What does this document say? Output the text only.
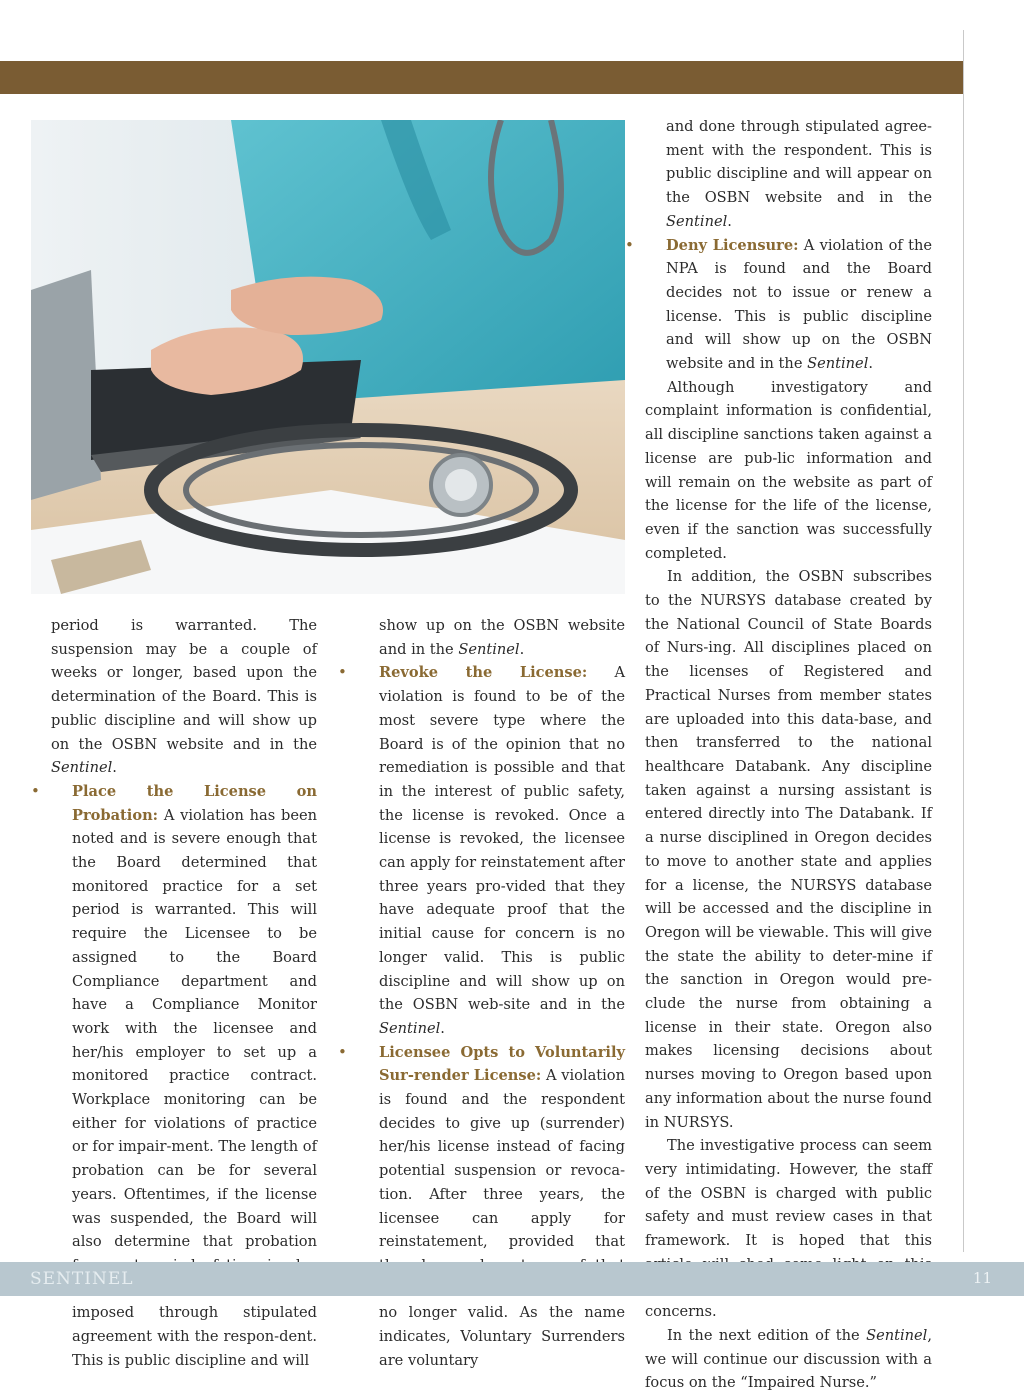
period is warranted. The suspension may be a couple of weeks or longer, based upon the determination of the Board. This is public discipline and will show up on the OSBN website and in the Sentinel.

• Place the License on Probation: A violation has been noted and is severe enough that the Board determined that monitored practice for a set period is warranted. This will require the Licensee to be assigned to the Board Compliance department and have a Compliance Monitor work with the licensee and her/his employer to set up a monitored practice contract. Workplace monitoring can be either for violations of practice or for impair-ment. The length of probation can be for several years. Oftentimes, if the license was suspended, the Board will also determine that probation imposed through stipulated agreement with the respon-dent. This is public discipline and will

show up on the OSBN website and in the Sentinel.

• Revoke the License: A violation is found to be of the most severe type where the Board is of the opinion that no remediation is possible and that in the interest of public safety, the license is revoked. Once a license is revoked, the licensee can apply for reinstatement after three years pro-vided that they have adequate proof that the initial cause for concern is no longer valid. This is public discipline and will show up on the OSBN web-site and in the Sentinel.
• Licensee Opts to Voluntarily Sur-render License: A violation is found and the respondent decides to give up (surrender) her/his license instead of facing potential suspension or revoca-tion. After three years, the licensee can apply for reinstatement, provided that no longer valid. As the name indicates, Voluntary Surrenders are voluntary

and done through stipulated agree-ment with the respondent. This is public discipline and will appear on the OSBN website and in the Sentinel.

• Deny Licensure: A violation of the NPA is found and the Board decides not to issue or renew a license. This is public discipline and will show up on the OSBN website and in the Sentinel.

Although investigatory and complaint information is confidential, all discipline sanctions taken against a license are pub-lic information and will remain on the website as part of the license for the life of the license, even if the sanction was successfully completed.

In addition, the OSBN subscribes to the NURSYS database created by the National Council of State Boards of Nurs-ing. All disciplines placed on the licenses of Registered and Practical Nurses from member states are uploaded into this data-base, and then transferred to the national healthcare Databank. Any discipline taken against a nursing assistant is entered directly into The Databank. If a nurse disciplined in Oregon decides to move to another state and applies for a license, the NURSYS database will be accessed and the discipline in Oregon will be viewable. This will give the state the ability to deter-mine if the sanction in Oregon would pre-clude the nurse from obtaining a license in their state. Oregon also makes licensing decisions about nurses moving to Oregon based upon any information about the nurse found in NURSYS.

The investigative process can seem very intimidating. However, the staff of the OSBN is charged with public safety and must review cases in that framework. It is hoped that this concerns.

In the next edition of the Sentinel, we will continue our discussion with a focus on the “Impaired Nurse.”

SENTINEL	11
